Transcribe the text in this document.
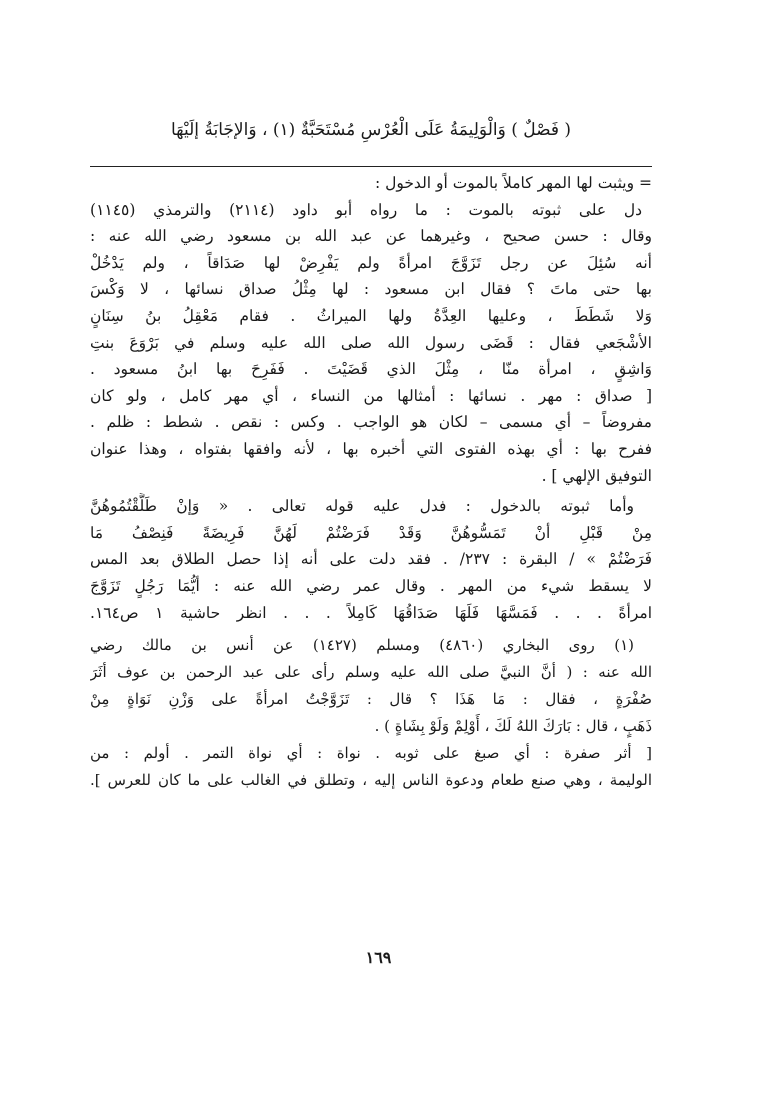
( فَصْلٌ ) وَالْوَلِيمَةُ عَلَى الْعُرْسِ مُسْتَحَبَّةٌ (١) ، وَالإجَابَةُ إلَيْهَا
= ويثبت لها المهر كاملاً بالموت أو الدخول :
دل على ثبوته بالموت : ما رواه أبو داود (٢١١٤) والترمذي (١١٤٥)
وقال : حسن صحيح ، وغيرهما عن عبد الله بن مسعود رضي الله عنه :
أنه سُئِلَ عن رجل تَزَوَّجَ امرأةً ولم يَفْرِضْ لها صَدَاقاً ، ولم يَدْخُلْ
بها حتى ماتَ ؟ فقال ابن مسعود : لها مِثْلُ صداق نسائها ، لا وَكْسَ
وَلا شَطَطَ ، وعليها العِدَّةُ ولها الميراثُ . فقام مَعْقِلُ بنُ سِنَانٍ
الأشْجَعي فقال : قَضَى رسول الله صلى الله عليه وسلم في بَرْوَعَ بنتِ
وَاشِقٍ ، امرأة منّا ، مِثْلَ الذي قَضَيْتَ . فَفَرِحَ بها ابنُ مسعود .
[ صداق : مهر . نسائها : أمثالها من النساء ، أي مهر كامل ، ولو كان
مفروضاً – أي مسمى – لكان هو الواجب . وكس : نقص . شطط : ظلم .
ففرح بها : أي بهذه الفتوى التي أخبره بها ، لأنه وافقها بفتواه ، وهذا عنوان
التوفيق الإلهي ] .
وأما ثبوته بالدخول : فدل عليه قوله تعالى . « وَإنْ طَلَّقْتُمُوهُنَّ
مِنْ قَبْلِ أنْ تَمَسُّوهُنَّ وَقَدْ فَرَضْتُمْ لَهُنَّ فَرِيضَةً فَنِصْفُ مَا
فَرَضْتُمْ » / البقرة : ٢٣٧/ . فقد دلت على أنه إذا حصل الطلاق بعد المس
لا يسقط شيء من المهر . وقال عمر رضي الله عنه : أيُّمَا رَجُلٍ تَزَوَّجَ
امرأةً . . . فَمَسَّهَا فَلَهَا صَدَاقُهَا كَامِلاً . . . انظر حاشية ١ ص١٦٤.
(١) روى البخاري (٤٨٦٠) ومسلم (١٤٢٧) عن أنس بن مالك رضي
الله عنه : ( أنَّ النبيَّ صلى الله عليه وسلم رأى على عبد الرحمن بن عوف أثَرَ
صُفْرَةٍ ، فقال : مَا هَذَا ؟ قال : تَزَوَّجْتُ امرأةً على وَزْنِ نَوَاةٍ مِنْ
ذَهَبٍ ، قال : بَارَكَ اللهُ لَكَ ، أَوْلِمْ وَلَوْ بِشَاةٍ ) .
[ أثر صفرة : أي صبغ على ثوبه . نواة : أي نواة التمر . أولم : من
الوليمة ، وهي صنع طعام ودعوة الناس إليه ، وتطلق في الغالب على ما كان للعرس ].
١٦٩
